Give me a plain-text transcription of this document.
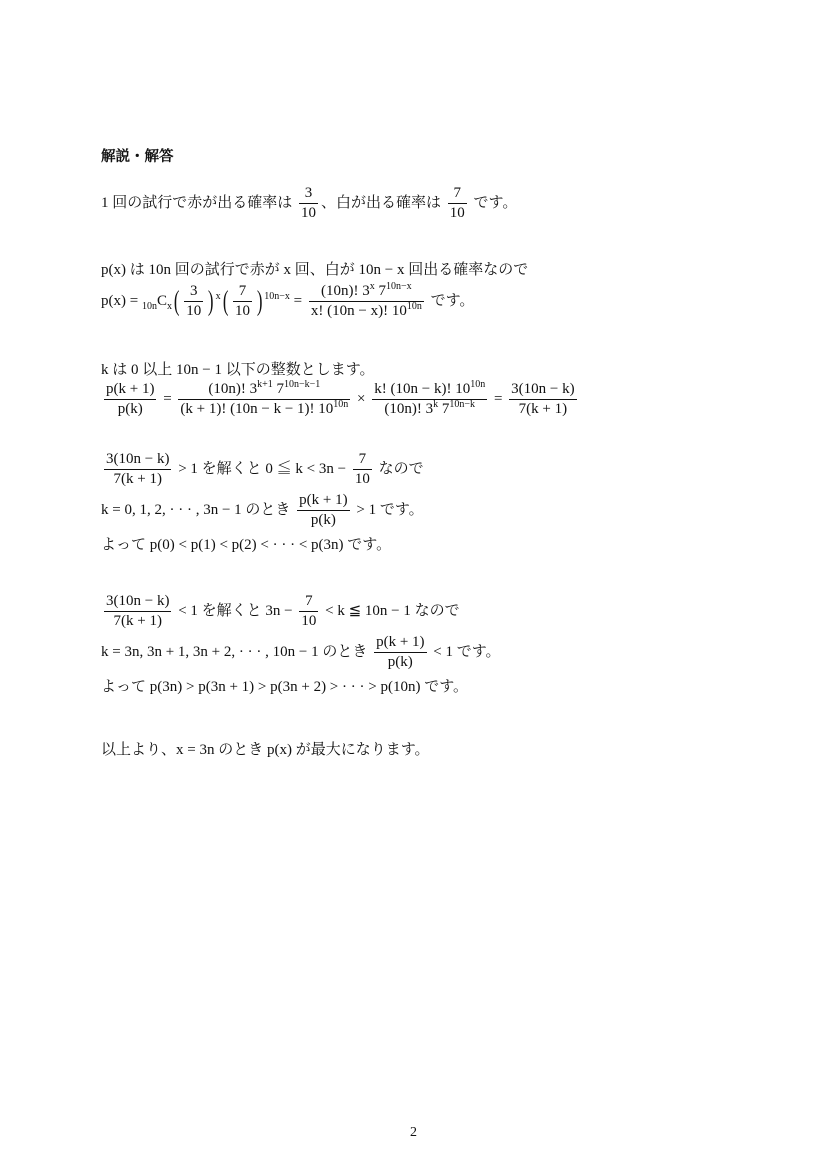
解説・解答
1 回の試行で赤が出る確率は $\frac{3}{10}$ 、白が出る確率は $\frac{7}{10}$ です。
p(x) は 10n 回の試行で赤が x 回、白が 10n − x 回出る確率なので
$p(x) = _{10n}C_x( \frac{3}{10}$ ) $^x( \frac{7}{10}$ ) $^{10n-x} = \frac{(10n)! 3^x 7^{10n-x}}{x! (10n - x)! 10^{10n}}$ です。
k は 0 以上 10n − 1 以下の整数とします。
$\frac{p(k + 1)}{p(k)} = \frac{(10n)! 3^{k+1} 7^{10n-k-1}}{(k + 1)! (10n - k - 1)! 10^{10n}} \times \frac{k! (10n - k)! 10^{10n}}{(10n)! 3^k 7^{10n-k}} = \frac{3(10n - k)}{7(k + 1)}$
$\frac{3(10n - k)}{7(k + 1)} > 1$ を解くと 0 ≦ $k < 3n - \frac{7}{10}$ なので
k = 0, 1, 2, · · · , 3n − 1 のとき $\frac{p(k + 1)}{p(k)} > 1$ です。
よって p(0) < p(1) < p(2) < · · · < p(3n) です。
$\frac{3(10n - k)}{7(k + 1)} < 1$ を解くと $3n - \frac{7}{10} < k$ ≦ 10n − 1 なので
k = 3n, 3n + 1, 3n + 2, · · · , 10n − 1 のとき $\frac{p(k + 1)}{p(k)} < 1$ です。
よって p(3n) > p(3n + 1) > p(3n + 2) > · · · > p(10n) です。
以上より、x = 3n のとき p(x) が最大になります。
2
